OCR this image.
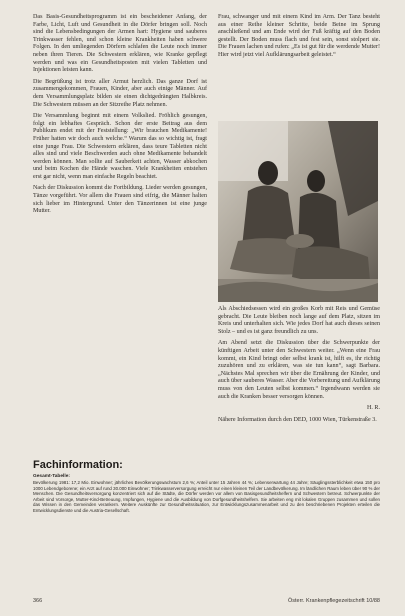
Das Basis-Gesundheitsprogramm ist ein bescheidener Anfang, der Farbe, Licht, Luft und Gesundheit in die Dörfer bringen soll. Noch sind die Lebensbedingungen der Armen hart: Hygiene und sauberes Trinkwasser fehlen, und schon kleine Krankheiten haben schwere Folgen. In den umliegenden Dörfern schlafen die Leute noch immer neben ihren Tieren. Die Schwestern erklären, wie Kranke gepflegt werden und was ein Gesundheitsposten mit vielen Tabletten und Injektionen leisten kann.

Die Begrüßung ist trotz aller Armut herzlich. Das ganze Dorf ist zusammengekommen, Frauen, Kinder, aber auch einige Männer. Auf dem Versammlungsplatz bilden sie einen dichtgedrängten Halbkreis. Die Schwestern müssen an der Sitzreihe Platz nehmen.

Die Versammlung beginnt mit einem Volkslied. Fröhlich gesungen, folgt ein lebhaftes Gespräch. Schon der erste Beitrag aus dem Publikum endet mit der Feststellung: „Wir brauchen Medikamente! Früher hatten wir doch auch welche.“ Warum das so wichtig ist, fragt eine junge Frau. Die Schwestern erklären, dass teure Tabletten nicht alles sind und viele Beschwerden auch ohne Medikamente behandelt werden können. Man sollte auf Sauberkeit achten, Wasser abkochen und beim Kochen die Hände waschen. Viele Krankheiten entstehen erst gar nicht, wenn man einfache Regeln beachtet.

Nach der Diskussion kommt die Fortbildung. Lieder werden gesungen, Tänze vorgeführt. Vor allem die Frauen sind eifrig, die Männer halten sich lieber im Hintergrund. Unter den Tänzerinnen ist eine junge Mutter.

Frau, schwanger und mit einem Kind im Arm. Der Tanz besteht aus einer Reihe kleiner Schritte, beide Beine im Sprung anschließend und am Ende wird der Fuß kräftig auf den Boden gestellt. Der Boden muss flach und fest sein, sonst stolpert sie. Die Frauen lachen und rufen: „Es ist gut für die werdende Mutter! Hier wird jetzt viel Aufklärungsarbeit geleistet.“

Als Abschiedsessen wird ein großes Korb mit Reis und Gemüse gebracht. Die Leute bleiben noch lange auf dem Platz, sitzen im Kreis und unterhalten sich. Wie jedes Dorf hat auch dieses seinen Stolz – und es ist ganz freundlich zu uns.

Am Abend setzt die Diskussion über die Schwerpunkte der künftigen Arbeit unter den Schwestern weiter. „Wenn eine Frau kommt, ein Kind bringt oder selbst krank ist, hilft es, ihr richtig zuzuhören und zu erklären, was sie tun kann“, sagt Barbara. „Nächstes Mal sprechen wir über die Ernährung der Kinder, und auch über sauberes Wasser. Aber die Vorbereitung und Aufklärung muss von den Leuten selbst kommen.“ Irgendwann werden sie auch die Kranken besser versorgen können.

H. R.

Nähere Information durch den DED, 1000 Wien, Türkenstraße 3.

Fachinformation:

Gesamt-Tabelle:

Bevölkerung 1981: 17,2 Mio. Einwohner; jährliches Bevölkerungswachstum 2,6 %; Anteil unter 15 Jahren 44 %; Lebenserwartung 44 Jahre; Säuglingssterblichkeit etwa 150 pro 1000 Lebendgeborene; ein Arzt auf rund 30.000 Einwohner; Trinkwasserversorgung erreicht nur einen kleinen Teil der Landbevölkerung. Im ländlichen Raum leben über 90 % der Menschen. Die Gesundheitsversorgung konzentriert sich auf die Städte, die Dörfer werden vor allem von Basisgesundheitshelfern und Schwestern betreut. Schwerpunkte der Arbeit sind Vorsorge, Mutter-Kind-Betreuung, Impfungen, Hygiene und die Ausbildung von Dorfgesundheitshelfern. Sie arbeiten eng mit lokalen Gruppen zusammen und sollen das Wissen in den Gemeinden verankern. Weitere Auskünfte zur Gesundheitssituation, zur Entwicklungszusammenarbeit und zu den beschriebenen Projekten erteilen die Entwicklungsdienste und die Austria-Gesellschaft.

366	Österr. Krankenpflegezeitschrift 10/88
